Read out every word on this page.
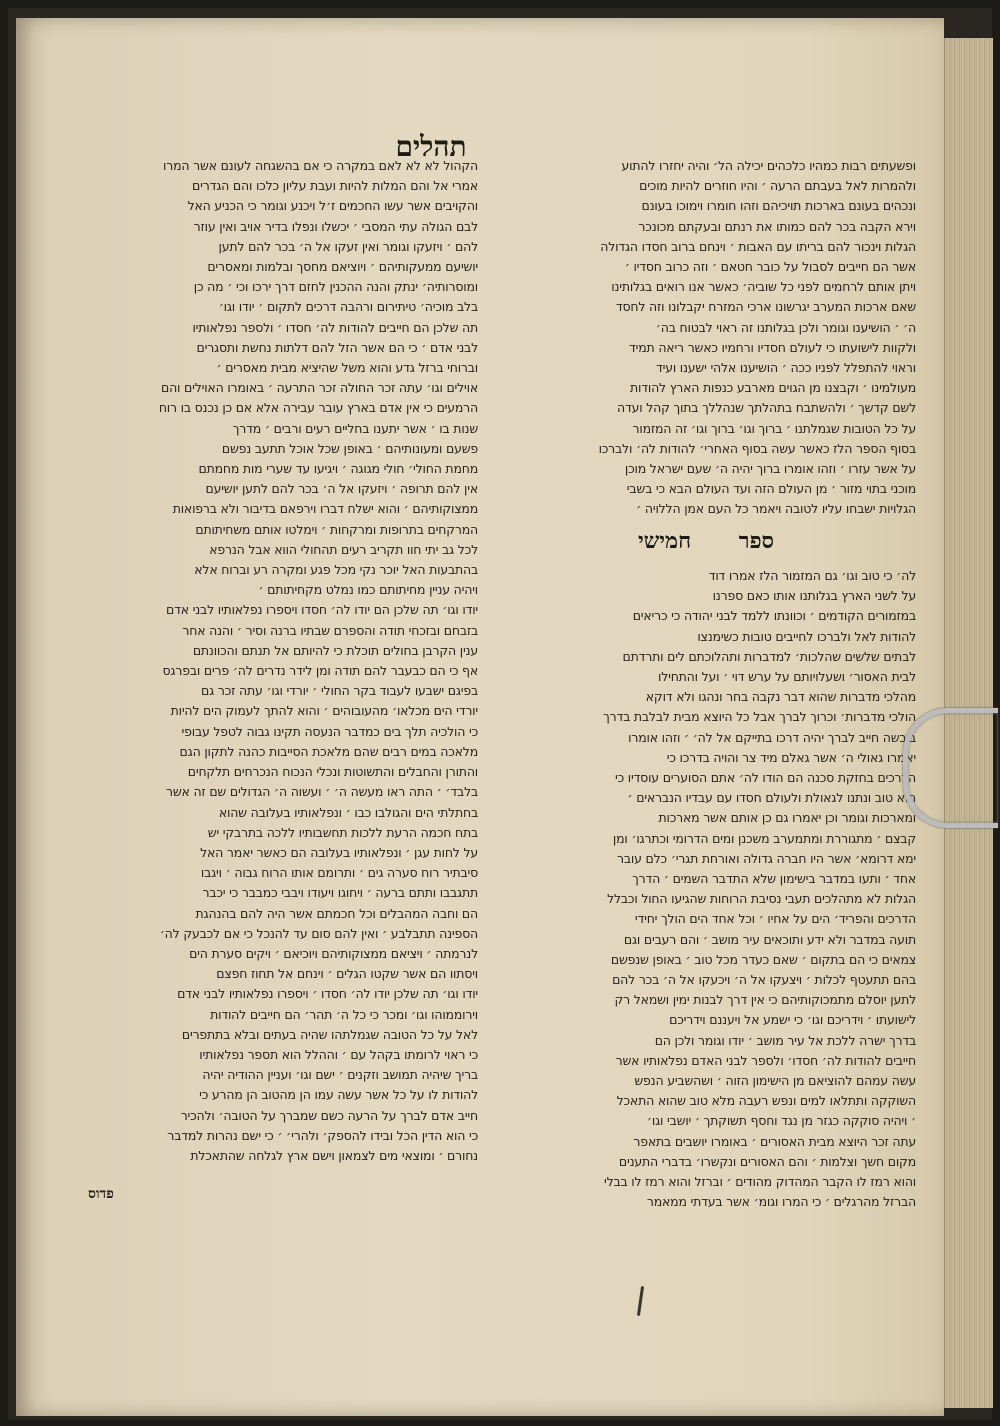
תהלים

ופשעתים רבות כמהיו כלכהים יכילה הל׳ והיה יחזרו להתוע

ולהמרות לאל בעבתם הרעה ׳ והיו חוזרים להיות מוכים

ונכהים בעונם בארכות תויכיהם וזהו חומרו וימוכו בעונם

וירא הקבה בכר להם כמותו את רנתם ובעקתם מכונכר

הגלות וינכור להם בריתו עם האבות ׳ וינחם ברוב חסדו הגדולה

אשר הם חייבים לסבול על כובר חטאם ׳ וזה כרוב חסדיו ׳

ויתן אותם לרחמים לפני כל שוביה׳ כאשר אנו רואים בגלותינו

שאם ארכות המערב יגרשונו ארכי המזרח יקבלונו וזה לחסד

ה׳ ׳ הושיענו וגומר ולכן בגלותנו זה ראוי לבטוח בה׳

ולקוות לישועתו כי לעולם חסדיו ורחמיו כאשר ריאה תמיד

וראוי להתפלל לפניו ככה ׳ הושיענו אלהי ישענו ועיד

מעולמינו ׳ וקבצנו מן הגוים מארבע כנפות הארץ להודות

לשם קדשך ׳ ולהשתבח בתהלתך שנהללך בתוך קהל ועדה

על כל הטובות שגמלתנו ׳ ברוך וגו׳ ברוך וגו׳ זה המזמור

בסוף הספר הלז כאשר עשה בסוף האחרי׳ להודות לה׳ ולברכו

על אשר עזרו ׳ וזהו אומרו ברוך יהיה ה׳ שעם ישראל מוכן

מוכני בתוי מזור ׳ מן העולם הזה ועד העולם הבא כי בשבי

הגלויות ישבחו עליו לטובה ויאמר כל העם אמן הללויה ׳

ספר חמישי

לה׳ כי טוב וגו׳ גם המזמור הלז אמרו דוד

על לשני הארץ בגלותנו אותו כאם ספרנו

במזמורים הקודמים ׳ וכוונתו ללמד לבני יהודה כי כריאים

להודות לאל ולברכו לחייבים טובות כשימנצו

לבתים שלשים שהלכות׳ למדברות ותהלוכתם לים ותרדתם

לבית האסור׳ ושעלויותם על ערש דוי ׳ ועל והתחילו

מהלכי מדברות שהוא דבר נקבה בחר ונהגו ולא דוקא

הולכי מדברות׳ וכרוך לברך אבל כל היוצא מבית לבלבת בדרך

ביבשה חייב לברך יהיה דרכו בתייקם אל לה׳ ׳ וזהו אומרו

יאמרו גאולי ה׳ אשר גאלם מיד צר והויה בדרכו כי

הדרכים בחזקת סכנה הם הודו לה׳ אתם הסוערים עוסדיו כי

הוא טוב ונתנו לגאולת ולעולם חסדו עם עבדיו הנבראים ׳

ומארכות וגומר וכן יאמרו גם כן אותם אשר מארכות

קבצם ׳ מתגוררת ומתמערב משכנן ומים הדרומי וכתרגו׳ ומן

ימא דרומא׳ אשר היו חברה גדולה ואורחת תגרי׳ כלם עובר

אחד ׳ ותעו במדבר בישימון שלא התדבר השמים ׳ הדרך

הגלות לא מתהלכים תעבי נסיבת הרוחות שהגיעו החול וכבלל

הדרכים והפריד׳ הים על אחיו ׳ וכל אחד הים הולך יחידי

תועה במדבר ולא ידע ותוכאים עיר מושב ׳ והם רעבים וגם

צמאים כי הם בתקום ׳ שאם כעדר מכל טוב ׳ באופן שנפשם

בהם תתעטף לכלות ׳ ויצעקו אל ה׳ ויכעקו אל ה׳ בכר להם

לתען יוסלם מתמכוקותיהם כי אין דרך לבנות ימין ושמאל רק

לישועתו ׳ וידריכם וגו׳ כי ישמע אל ויעננם וידריכם

בדרך ישרה ללכת אל עיר מושב ׳ יודו וגומר ולכן הם

חייבים להודות לה׳ חסדו׳ ולספר לבני האדם נפלאותיו אשר

עשה עמהם להוציאם מן הישימון הזוה ׳ ושהשביע הנפש

השוקקה ותתלאו למים ונפש רעבה מלא טוב שהוא התאכל

׳ ויהיה סוקקה כגזר מן נגד וחסף תשוקתך ׳ יושבי וגו׳

עתה זכר היוצא מבית האסורים ׳ באומרו יושבים בתאפר

מקום חשך וצלמות ׳ והם האסורים ונקשרו׳ בדברי התענים

והוא רמז לו הקבר המהדוק מהודים ׳ וברזל והוא רמז לו בבלי

הברזל מהרגלים ׳ כי המרו וגומ׳ אשר בעדתי ממאמר

הקהול לא לא לאם במקרה כי אם בהשגחה לעונם אשר המרו

אמרי אל והם המלות להיות ועבת עליון כלכו והם הגדרים

והקויבים אשר עשו החכמים ז׳ל ויכנע וגומר כי הכניע האל

לבם הגולה עתי המסבי ׳ יכשלו ונפלו בדיר אויב ואין עוזר

להם ׳ ויזעקו וגומר ואין זעקו אל ה׳ בכר להם לתען

יושיעם ממעקותיהם ׳ ויוציאם מחסך ובלמות ומאסרים

ומוסרותיה׳ ינתק והנה ההכנין לחזם דרך ירכו וכי ׳ מה כן

בלב מוכיה׳ טיתירום ורהבה דרכים לתקום ׳ יודו וגו׳

תה שלכן הם חייבים להודות לה׳ חסדו ׳ ולספר נפלאותיו

לבני אדם ׳ כי הם אשר הזל להם דלתות נחשת ותסגרים

וברוחי ברזל גדע והוא משל שהיציא מבית מאסרים ׳

אוילים וגו׳ עתה זכר החולה זכר התרעה ׳ באומרו האוילים והם

הרמעים כי אין אדם בארץ עובר עבירה אלא אם כן נכנס בו רוח

שנות בו ׳ אשר יתענו בחליים רעים ורבים ׳ מדרך

פשעם ומעונותיהם ׳ באופן שכל אוכל תתעב נפשם

מחמת החולי׳ חולי מגוגה ׳ ויגיעו עד שערי מות מחמתם

אין להם תרופה ׳ ויזעקו אל ה׳ בכר להם לתען יושיעם

ממצוקותיהם ׳ והוא ישלח דברו וירפאם בדיבור ולא ברפואות

המרקחים בתרופות ומרקחות ׳ וימלטו אותם משחיתותם

לכל גב יתי חוו תקריב רעים תהחולי הווא אבל הנרפא

בהתבעות האל יוכר נקי מכל פגע ומקרה רע וברוח אלא

ויהיה עניין מחיתותם כמו נמלט מקחיתותם ׳

יודו וגו׳ תה שלכן הם יודו לה׳ חסדו ויספרו נפלאותיו לבני אדם

בזבחם ובזכחי תודה והספרם שבתיו ברנה וסיר ׳ והנה אחר

ענין הקרבן בחולים תוכלת כי להיותם אל תנתם והכוונתם

אף כי הם כבעבר להם תודה ומן לידר נדרים לה׳ פרים ובפרגס

בפיגם ישבעו לעבוד בקר החולי ׳ יורדי וגו׳ עתה זכר גם

יורדי הים מכלאו׳ מהעובוהים ׳ והוא להתך לעמוק הים להיות

כי הולכיה תלך בים כמדבר הנעסה תקינו גבוה לטפל עבופי

מלאכה במים רבים שהם מלאכת הסייבות כהנה לתקון הגם

והתורן והחבלים והתשוטות ונכלי הנכוח הנכרחים תלקחים

בלבד׳ ׳ התה ראו מעשה ה׳ ׳ ועשוה ה׳ הגדולים שם זה אשר

בחתלתי הים והגולבו כבו ׳ ונפלאותיו בעלובה שהוא

בתח חכמה הרעת ללכות תחשבותיו ללכה בתרבקי יש

על לחות עגן ׳ ונפלאותיו בעלובה הם כאשר יאמר האל

סיבתיר רוח סערה גים ׳ ותרומם אותו הרוח גבוה ׳ ויגבו

תתגבבו ותתם ברעה ׳ ויחוגו ויעודו ויבבי כמבבר כי יכבר

הם וחבה המהבלים וכל חכמתם אשר היה להם בהנהגת

הספינה תתבלבע ׳ ואין להם סום עד להנכל כי אם לכבעק לה׳

לנרמתה ׳ ויציאם ממצוקותיהם ויוכיאם ׳ ויקים סערת הים

ויסתוו הם אשר שקטו הגלים ׳ וינחם אל תחוז חפצם

יודו וגו׳ תה שלכן יודו לה׳ חסדו ׳ ויספרו נפלאותיו לבני אדם

וירוממוהו וגו׳ ומכר כי כל ה׳ תהר׳ הם חייבים להודות

לאל על כל הטובה שגמלתהו שהיה בעתים ובלא בתתפרים

כי ראוי לרומתו בקהל עם ׳ וההלל הוא תספר נפלאותיו

בריך שיהיה תמושב וזקנים ׳ ישם וגו׳ ועניין ההודיה יהיה

להודות לו על כל אשר עשה עמו הן מהטוב הן מהרע כי

חייב אדם לברך על הרעה כשם שמברך על הטובה׳ ולהכיר

כי הוא הדין הכל ובידו להספק׳ ולהרי׳ ׳ כי ישם נהרות למדבר

נחורם ׳ ומוצאי מים לצמאון וישם ארץ לגלחה שהתאכלת

פדוס
